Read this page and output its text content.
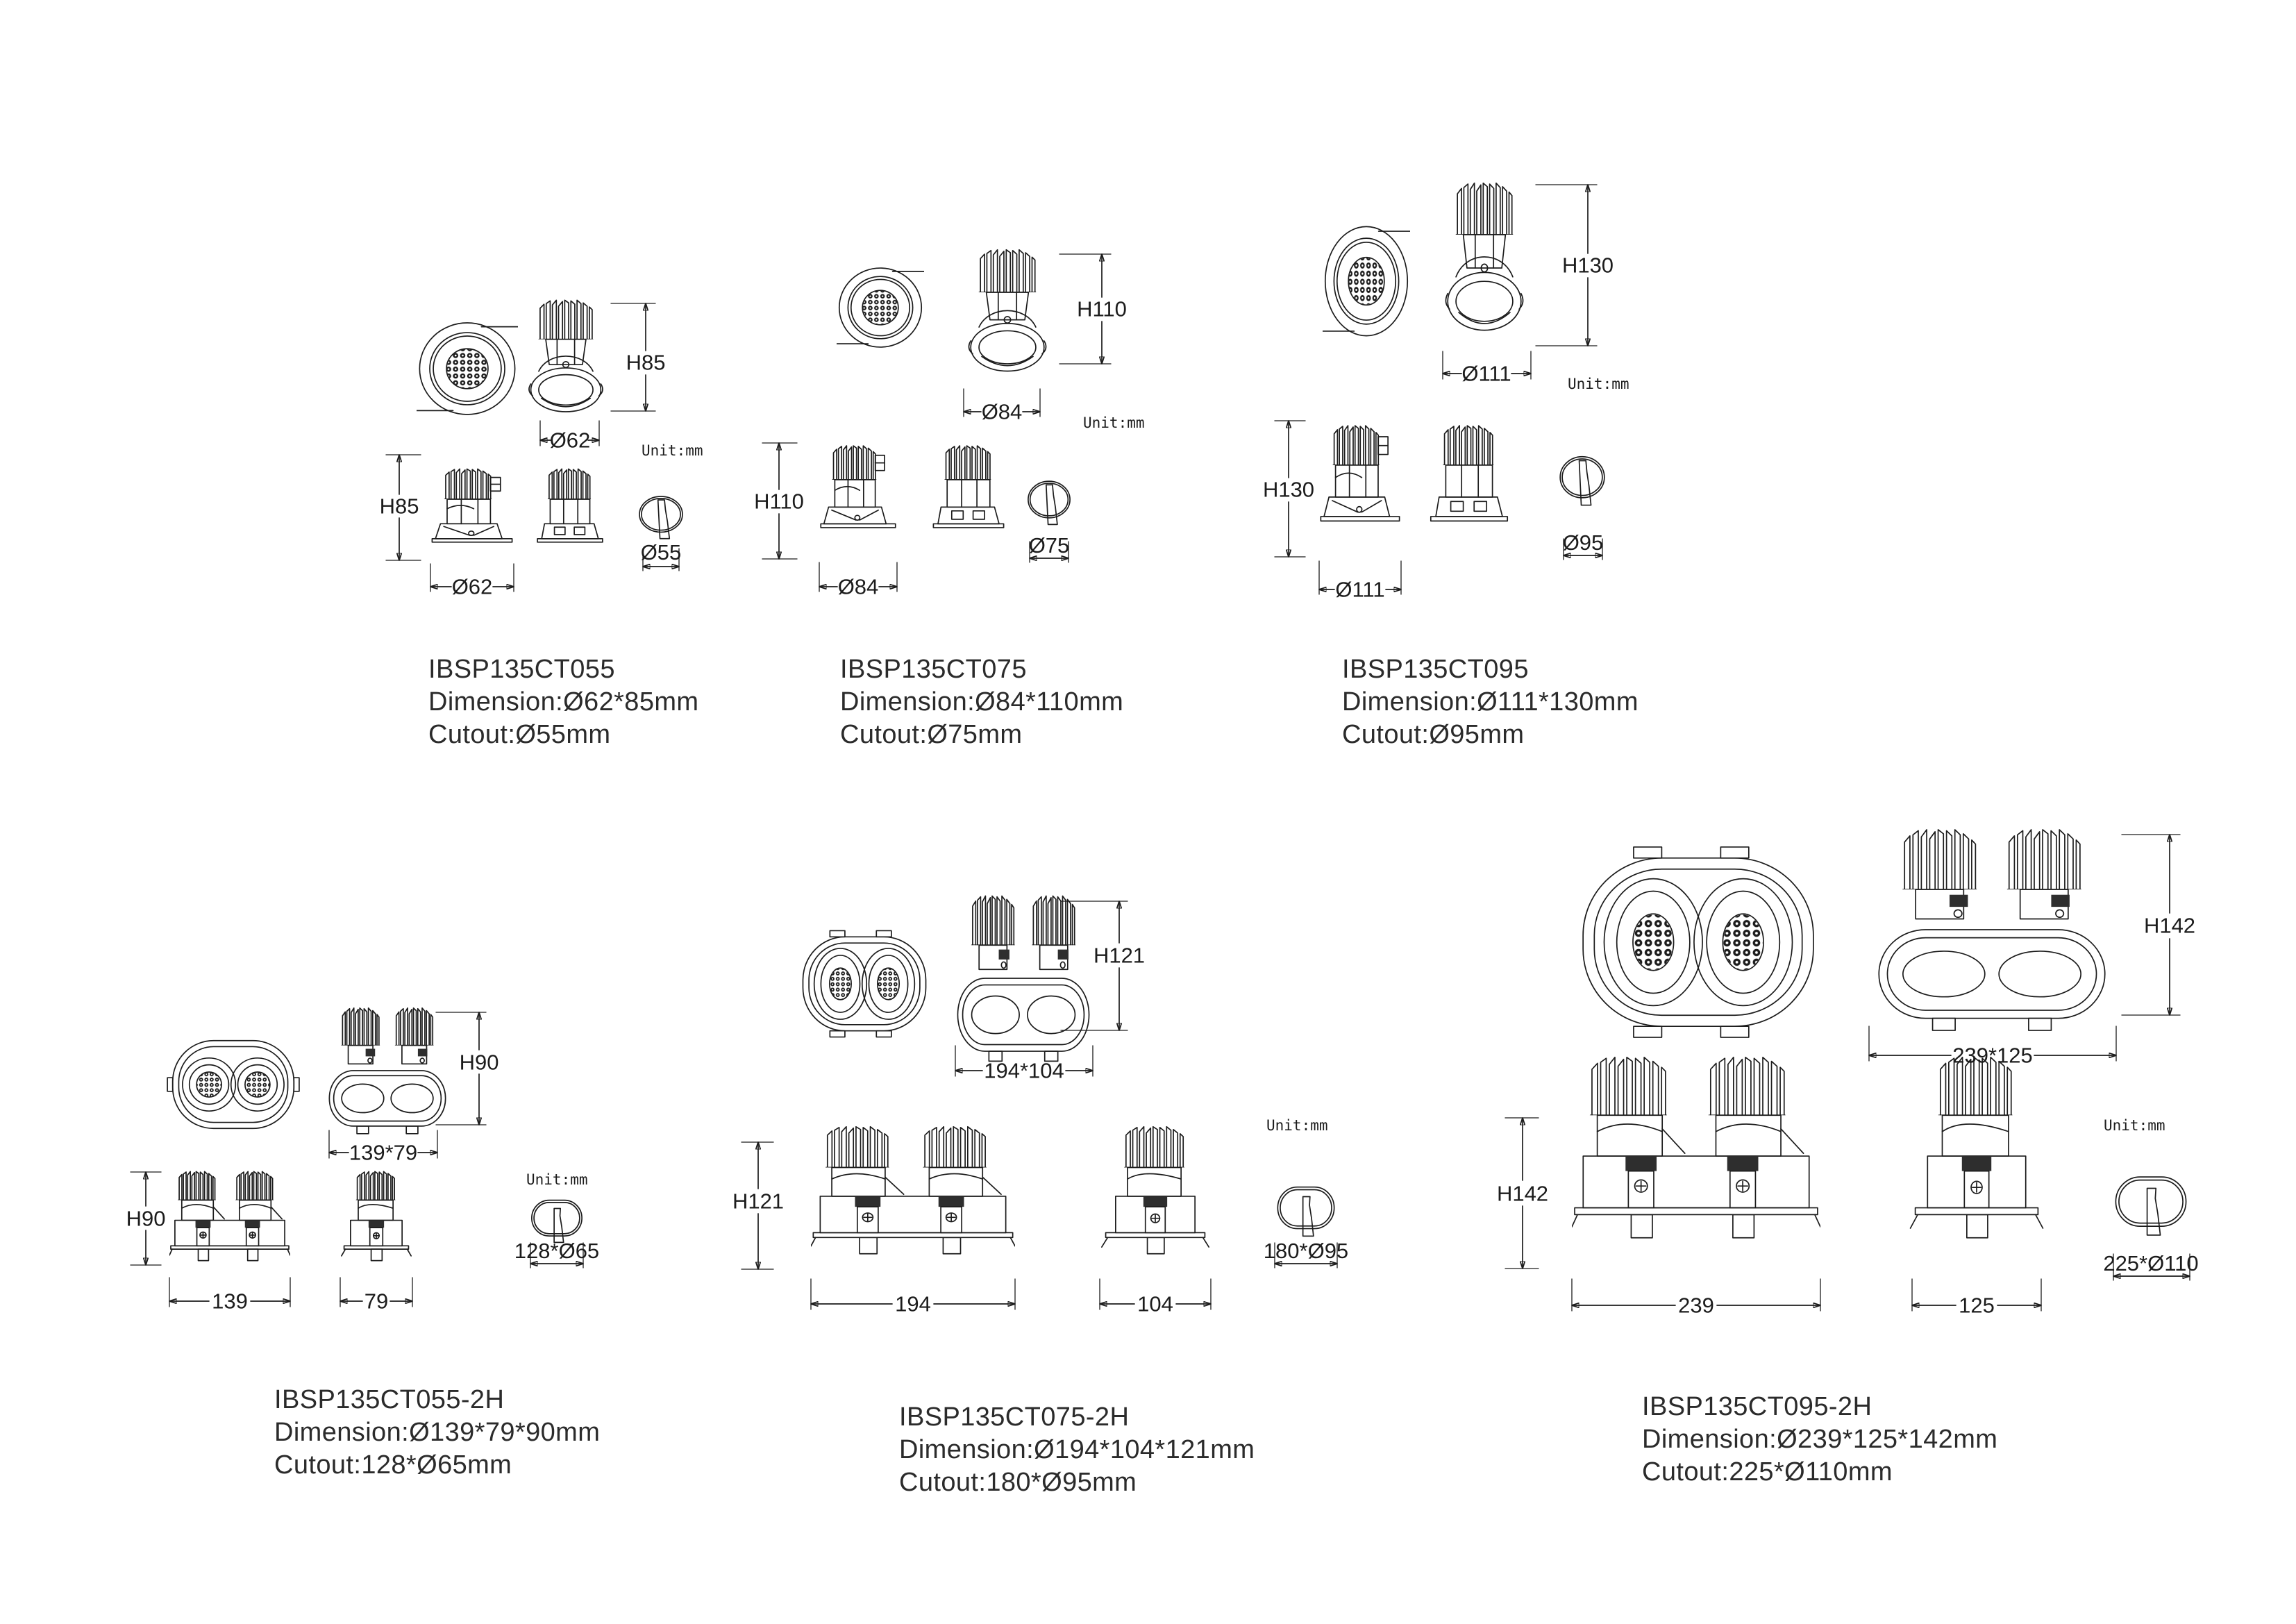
H85
Ø62	Unit:mm
H85
Ø55
Ø62
IBSP135CT055
Dimension:Ø62*85mm
Cutout:Ø55mm
H110
Ø84	Unit:mm
H110
Ø75
Ø84
IBSP135CT075
Dimension:Ø84*110mm
Cutout:Ø75mm
H130
Ø111	Unit:mm
H130
Ø95
Ø111
IBSP135CT095
Dimension:Ø111*130mm
Cutout:Ø95mm
H90
139*79
H90
139	79
Unit:mm
128*Ø65
IBSP135CT055-2H
Dimension:Ø139*79*90mm
Cutout:128*Ø65mm
H121
194*104
H121
194	104
Unit:mm
180*Ø95
IBSP135CT075-2H
Dimension:Ø194*104*121mm
Cutout:180*Ø95mm
H142
239*125
H142
239	125
Unit:mm
225*Ø110
IBSP135CT095-2H
Dimension:Ø239*125*142mm
Cutout:225*Ø110mm
